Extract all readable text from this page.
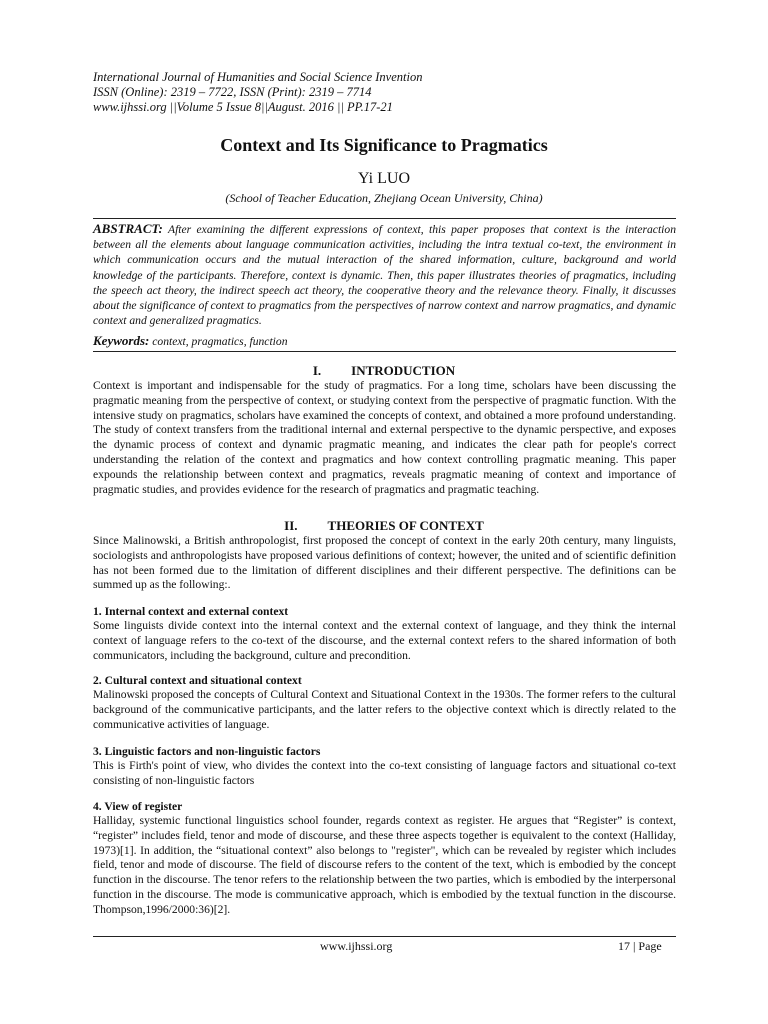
International Journal of Humanities and Social Science Invention
ISSN (Online): 2319 – 7722, ISSN (Print): 2319 – 7714
www.ijhssi.org ||Volume 5 Issue 8||August. 2016 || PP.17-21
Context and Its Significance to Pragmatics
Yi LUO
(School of Teacher Education, Zhejiang Ocean University, China)
ABSTRACT: After examining the different expressions of context, this paper proposes that context is the interaction between all the elements about language communication activities, including the intra textual co-text, the environment in which communication occurs and the mutual interaction of the shared information, culture, background and world knowledge of the participants. Therefore, context is dynamic. Then, this paper illustrates theories of pragmatics, including the speech act theory, the indirect speech act theory, the cooperative theory and the relevance theory. Finally, it discusses about the significance of context to pragmatics from the perspectives of narrow context and narrow pragmatics, and dynamic context and generalized pragmatics.
Keywords: context, pragmatics, function
I. INTRODUCTION
Context is important and indispensable for the study of pragmatics. For a long time, scholars have been discussing the pragmatic meaning from the perspective of context, or studying context from the perspective of pragmatic function. With the intensive study on pragmatics, scholars have examined the concepts of context, and obtained a more profound understanding. The study of context transfers from the traditional internal and external perspective to the dynamic perspective, and exposes the dynamic process of context and dynamic pragmatic meaning, and indicates the clear path for people's correct understanding the relation of the context and pragmatics and how context controlling pragmatic meaning. This paper expounds the relationship between context and pragmatics, reveals pragmatic meaning of context and importance of pragmatic studies, and provides evidence for the research of pragmatics and pragmatic teaching.
II. THEORIES OF CONTEXT
Since Malinowski, a British anthropologist, first proposed the concept of context in the early 20th century, many linguists, sociologists and anthropologists have proposed various definitions of context; however, the united and of scientific definition has not been formed due to the limitation of different disciplines and their different perspective. The definitions can be summed up as the following:.
1. Internal context and external context
Some linguists divide context into the internal context and the external context of language, and they think the internal context of language refers to the co-text of the discourse, and the external context refers to the shared information of both communicators, including the background, culture and precondition.
2. Cultural context and situational context
Malinowski proposed the concepts of Cultural Context and Situational Context in the 1930s. The former refers to the cultural background of the communicative participants, and the latter refers to the objective context which is directly related to the communicative activities of language.
3. Linguistic factors and non-linguistic factors
This is Firth's point of view, who divides the context into the co-text consisting of language factors and situational co-text consisting of non-linguistic factors
4. View of register
Halliday, systemic functional linguistics school founder, regards context as register. He argues that “Register” is context, “register” includes field, tenor and mode of discourse, and these three aspects together is equivalent to the context (Halliday, 1973)[1]. In addition, the “situational context” also belongs to "register", which can be revealed by register which includes field, tenor and mode of discourse. The field of discourse refers to the content of the text, which is embodied by the concept function in the discourse. The tenor refers to the relationship between the two parties, which is embodied by the interpersonal function in the discourse. The mode is communicative approach, which is embodied by the textual function in the discourse. Thompson,1996/2000:36)[2].
www.ijhssi.org	17 | Page
